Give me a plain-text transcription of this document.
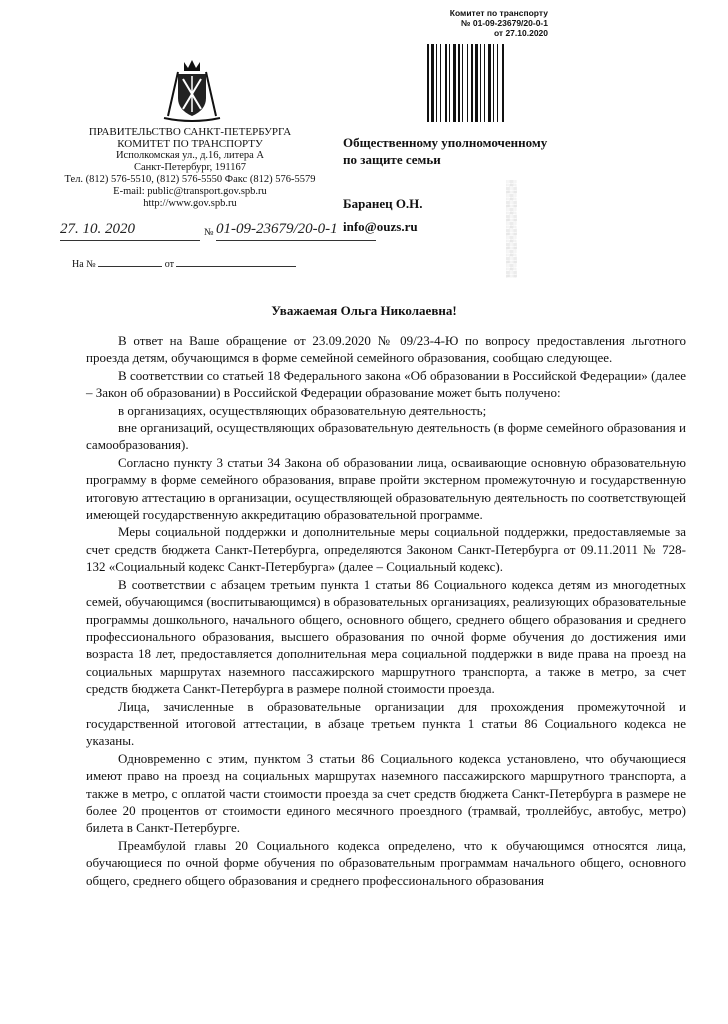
Комитет по транспорту
№ 01-09-23679/20-0-1
от 27.10.2020
ПРАВИТЕЛЬСТВО САНКТ-ПЕТЕРБУРГА
КОМИТЕТ ПО ТРАНСПОРТУ
Исполкомская ул., д.16, литера А
Санкт-Петербург, 191167
Тел. (812) 576-5510, (812) 576-5550 Факс (812) 576-5579
E-mail: public@transport.gov.spb.ru
http://www.gov.spb.ru
27. 10. 2020	№ 01-09-23679/20-0-1
На №	от
Общественному уполномоченному
по защите семьи
Баранец О.Н.
info@ouzs.ru
░▒░▒░▒░▒░▒░▒░▒░▒░▒░▒░▒░▒░▒░▒░▒░▒░▒░▒░▒░▒░▒
Уважаемая Ольга Николаевна!

В ответ на Ваше обращение от 23.09.2020 № 09/23-4-Ю по вопросу предоставления льготного проезда детям, обучающимся в форме семейной семейного образования, сообщаю следующее.

В соответствии со статьей 18 Федерального закона «Об образовании в Российской Федерации» (далее – Закон об образовании) в Российской Федерации образование может быть получено:

в организациях, осуществляющих образовательную деятельность;

вне организаций, осуществляющих образовательную деятельность (в форме семейного образования и самообразования).

Согласно пункту 3 статьи 34 Закона об образовании лица, осваивающие основную образовательную программу в форме семейного образования, вправе пройти экстерном промежуточную и государственную итоговую аттестацию в организации, осуществляющей образовательную деятельность по соответствующей имеющей государственную аккредитацию образовательной программе.

Меры социальной поддержки и дополнительные меры социальной поддержки, предоставляемые за счет средств бюджета Санкт-Петербурга, определяются Законом Санкт-Петербурга от 09.11.2011 № 728-132 «Социальный кодекс Санкт-Петербурга» (далее – Социальный кодекс).

В соответствии с абзацем третьим пункта 1 статьи 86 Социального кодекса детям из многодетных семей, обучающимся (воспитывающимся) в образовательных организациях, реализующих образовательные программы дошкольного, начального общего, основного общего, среднего общего образования и среднего профессионального образования, высшего образования по очной форме обучения до достижения ими возраста 18 лет, предоставляется дополнительная мера социальной поддержки в виде права на проезд на социальных маршрутах наземного пассажирского маршрутного транспорта, а также в метро, за счет средств бюджета Санкт-Петербурга в размере полной стоимости проезда.

Лица, зачисленные в образовательные организации для прохождения промежуточной и государственной итоговой аттестации, в абзаце третьем пункта 1 статьи 86 Социального кодекса не указаны.

Одновременно с этим, пунктом 3 статьи 86 Социального кодекса установлено, что обучающиеся имеют право на проезд на социальных маршрутах наземного пассажирского маршрутного транспорта, а также в метро, с оплатой части стоимости проезда за счет средств бюджета Санкт-Петербурга в размере не более 20 процентов от стоимости единого месячного проездного (трамвай, троллейбус, автобус, метро) билета в Санкт-Петербурге.

Преамбулой главы 20 Социального кодекса определено, что к обучающимся относятся лица, обучающиеся по очной форме обучения по образовательным программам начального общего, основного общего, среднего общего образования и среднего профессионального образования
